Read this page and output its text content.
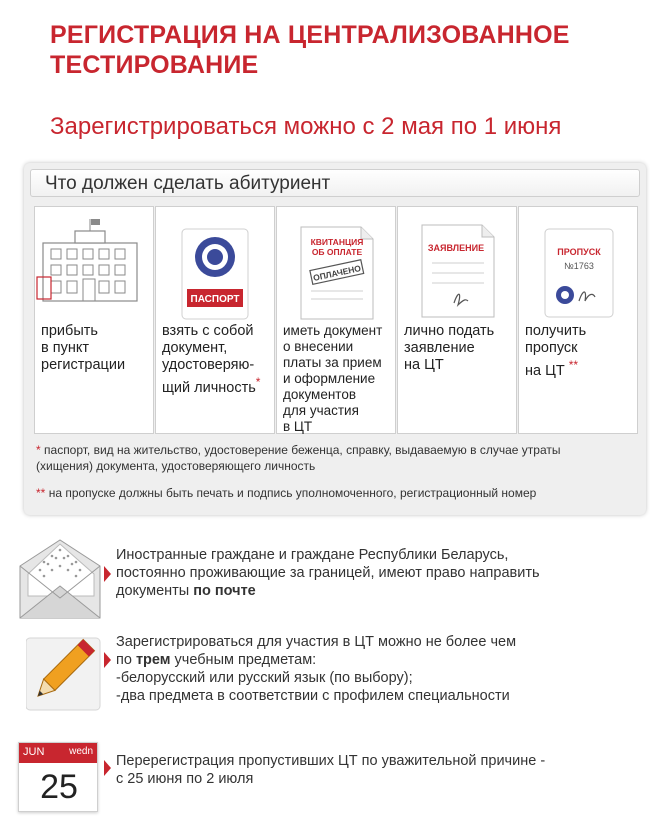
РЕГИСТРАЦИЯ НА ЦЕНТРАЛИЗОВАННОЕ
ТЕСТИРОВАНИЕ
Зарегистрироваться можно с 2 мая по 1 июня
Что должен сделать абитуриент
прибыть
в пункт
регистрации
ПАСПОРТ
взять с собой
документ,
удостоверяю-
щий личность*
КВИТАНЦИЯ
ОБ ОПЛАТЕ
ОПЛАЧЕНО
иметь документ
о внесении
платы за прием
и оформление
документов
для участия
в ЦТ
ЗАЯВЛЕНИЕ
лично подать
заявление
на ЦТ
ПРОПУСК
№1763
получить
пропуск
на ЦТ **
* паспорт, вид на жительство, удостоверение беженца, справку, выдаваемую в случае утраты
(хищения) документа, удостоверяющего личность
** на пропуске должны быть печать и подпись уполномоченного, регистрационный номер
Иностранные граждане и граждане Республики Беларусь,
постоянно проживающие за границей, имеют право направить
документы по почте
Зарегистрироваться для участия в ЦТ можно не более чем
по трем учебным предметам:
-белорусский или русский язык (по выбору);
-два предмета в соответствии с профилем специальности
JUN wedn
25
Перерегистрация пропустивших ЦТ по уважительной причине -
с 25 июня по 2 июля
